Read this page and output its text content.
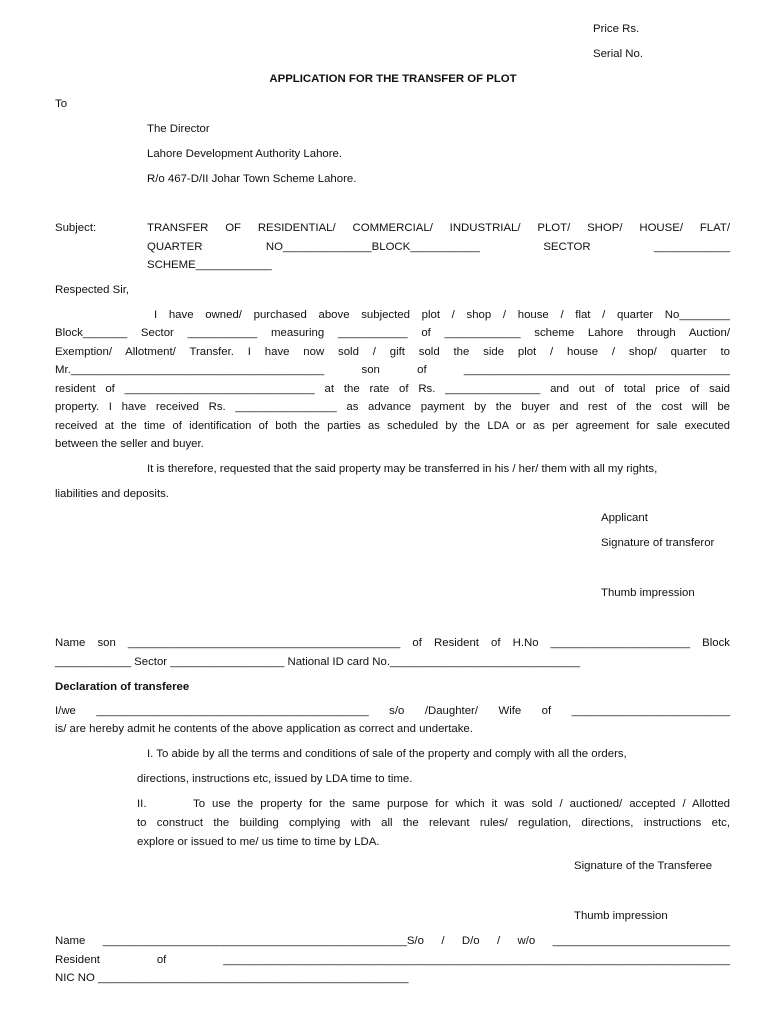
Price Rs.
Serial No.
APPLICATION FOR THE TRANSFER OF PLOT
To
The Director
Lahore Development Authority Lahore.
R/o 467-D/II Johar Town Scheme Lahore.
Subject:	TRANSFER OF RESIDENTIAL/ COMMERCIAL/ INDUSTRIAL/ PLOT/ SHOP/ HOUSE/ FLAT/
QUARTER NO______________BLOCK___________ SECTOR ____________
SCHEME____________
Respected Sir,
I have owned/ purchased above subjected plot / shop / house / flat / quarter No________
Block_______ Sector ___________ measuring ___________ of ____________ scheme Lahore through Auction/
Exemption/ Allotment/ Transfer. I have now sold / gift sold the side plot / house / shop/ quarter to
Mr.________________________________________ son of __________________________________________
resident of ______________________________ at the rate of Rs. _______________ and out of total price of said
property. I have received Rs. ________________ as advance payment by the buyer and rest of the cost will be
received at the time of identification of both the parties as scheduled by the LDA or as per agreement for sale executed
between the seller and buyer.
It is therefore, requested that the said property may be transferred in his / her/ them with all my rights,
liabilities and deposits.
Applicant
Signature of transferor
Thumb impression
Name son ___________________________________________ of Resident of H.No ______________________ Block
____________ Sector __________________ National ID card No.______________________________
Declaration of transferee
I/we ___________________________________________ s/o /Daughter/ Wife of _________________________
is/ are hereby admit he contents of the above application as correct and undertake.
I. To abide by all the terms and conditions of sale of the property and comply with all the orders,
directions, instructions etc, issued by LDA time to time.
II.	To use the property for the same purpose for which it was sold / auctioned/ accepted / Allotted
to construct the building complying with all the relevant rules/ regulation, directions, instructions etc,
explore or issued to me/ us time to time by LDA.
Signature of the Transferee
Thumb impression
Name ________________________________________________S/o / D/o / w/o ____________________________
Resident of ________________________________________________________________________________
NIC NO _________________________________________________
